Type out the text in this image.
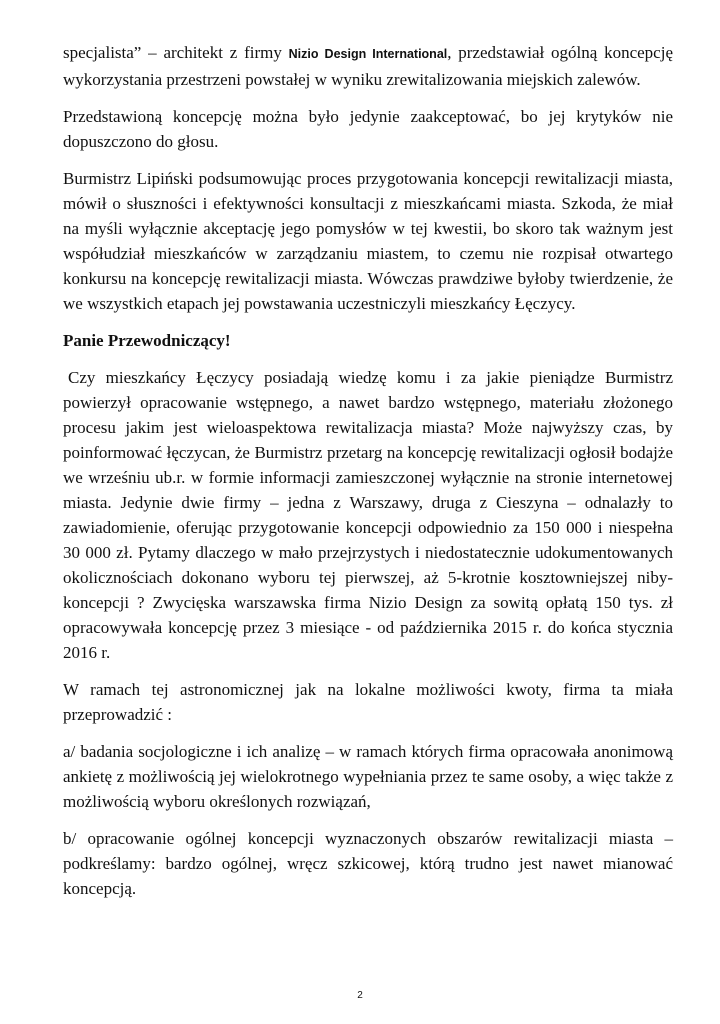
specjalista” – architekt z firmy Nizio Design International, przedstawiał ogólną koncepcję wykorzystania przestrzeni powstałej w wyniku zrewitalizowania miejskich zalewów.

Przedstawioną koncepcję można było jedynie zaakceptować, bo jej krytyków nie dopuszczono do głosu.

Burmistrz Lipiński podsumowując proces przygotowania koncepcji rewitalizacji miasta, mówił o słuszności i efektywności konsultacji z mieszkańcami miasta. Szkoda, że miał na myśli wyłącznie akceptację jego pomysłów w tej kwestii, bo skoro tak ważnym jest współudział mieszkańców w zarządzaniu miastem, to czemu nie rozpisał otwartego konkursu na koncepcję rewitalizacji miasta. Wówczas prawdziwe byłoby twierdzenie, że we wszystkich etapach jej powstawania uczestniczyli mieszkańcy Łęczycy.

Panie Przewodniczący!

Czy mieszkańcy Łęczycy posiadają wiedzę komu i za jakie pieniądze Burmistrz powierzył opracowanie wstępnego, a nawet bardzo wstępnego, materiału złożonego procesu jakim jest wieloaspektowa rewitalizacja miasta? Może najwyższy czas, by poinformować łęczycan, że Burmistrz przetarg na koncepcję rewitalizacji ogłosił bodajże we wrześniu ub.r. w formie informacji zamieszczonej wyłącznie na stronie internetowej miasta. Jedynie dwie firmy – jedna z Warszawy, druga z Cieszyna – odnalazły to zawiadomienie, oferując przygotowanie koncepcji odpowiednio za 150 000 i niespełna 30 000 zł. Pytamy dlaczego w mało przejrzystych i niedostatecznie udokumentowanych okolicznościach dokonano wyboru tej pierwszej, aż 5-krotnie kosztowniejszej niby-koncepcji ? Zwycięska warszawska firma Nizio Design za sowitą opłatą 150 tys. zł opracowywała koncepcję przez 3 miesiące - od października 2015 r. do końca stycznia 2016 r.

W ramach tej astronomicznej jak na lokalne możliwości kwoty, firma ta miała przeprowadzić :

a/ badania socjologiczne i ich analizę – w ramach których firma opracowała anonimową ankietę z możliwością jej wielokrotnego wypełniania przez te same osoby, a więc także z możliwością wyboru określonych rozwiązań,

b/ opracowanie ogólnej koncepcji wyznaczonych obszarów rewitalizacji miasta – podkreślamy: bardzo ogólnej, wręcz szkicowej, którą trudno jest nawet mianować koncepcją.

2
